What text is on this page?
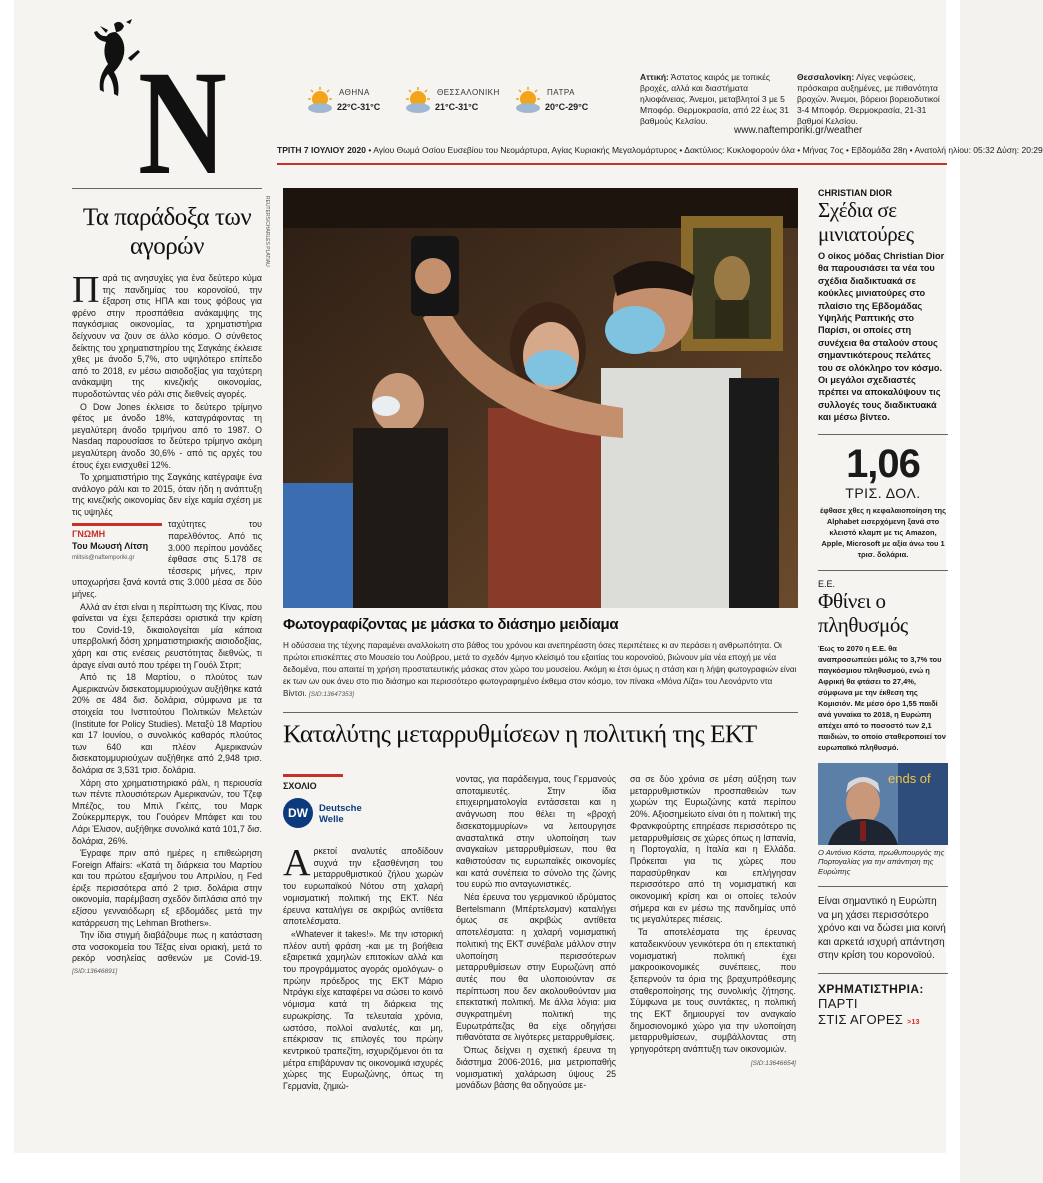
N	ΑΘΗΝΑ
22°C-31°C
ΘΕΣΣΑΛΟΝΙΚΗ
21°C-31°C
ΠΑΤΡΑ
20°C-29°C
Αττική: Άστατος καιρός με τοπικές βροχές, αλλά και διαστήματα ηλιοφάνειας. Άνεμοι, μεταβλητοί 3 με 5 Μποφόρ. Θερμοκρασία, από 22 έως 31 βαθμούς Κελσίου.
Θεσσαλονίκη: Λίγες νεφώσεις, πρόσκαιρα αυξημένες, με πιθανότητα βροχών. Άνεμοι, βόρειοι βορειοδυτικοί 3-4 Μποφόρ. Θερμοκρασία, 21-31 βαθμοί Κελσίου.
www.naftemporiki.gr/weather
ΤΡΙΤΗ 7 ΙΟΥΛΙΟΥ 2020 • Αγίου Θ​ω​μ​ά Οσίου Ευσεβίου του Νεομάρτυρα, Αγίας Κυριακής Μεγαλομάρτυρος • Δακτύλιος: Κυκλοφορούν όλα • Μήνας 7ος • Εβδομάδα 28η • Ανατολή ηλίου: 05:32 Δύση: 20:29
Τα παράδοξα των αγορών

Παρά τις ανησυχίες για ένα δεύτερο κύμα της πανδημίας του κορονοϊού, την έξαρση στις ΗΠΑ και τους φόβους για φρένο στην προσπάθεια ανάκαμψης της παγκόσμιας οικονομίας, τα χρηματιστήρια δείχνουν να ζουν σε άλλο κόσμο. Ο σύνθετος δείκτης του χρηματιστηρίου της Σαγκάης έκλεισε χθες με άνοδο 5,7%, στο υψηλότερο επίπεδο από το 2018, εν μέσω αισιοδοξίας για ταχύτερη ανάκαμψη της κινεζικής οικονομίας, πυροδοτώντας νέο ράλι στις διεθνείς αγορές.

Ο Dow Jones έκλεισε το δεύτερο τρίμηνο φέτος με άνοδο 18%, καταγράφοντας τη μεγαλύτερη άνοδο τριμήνου από το 1987. Ο Nasdaq παρουσίασε το δεύτερο τρίμηνο ακόμη μεγαλύτερη άνοδο 30,6% - από τις αρχές του έτους έχει ενισχυθεί 12%.

Το χρηματιστήριο της Σαγκάης κατέγραψε ένα ανάλογο ράλι και το 2015, όταν ήδη η ανάπτυξη της κινεζικής οικονομίας δεν είχε καμία σχέση με τις υψηλές

ΓΝΩΜΗ
Του Μωυσή Λίτση
mlitsis@naftemporiki.gr

ταχύτητες του παρελθόντος. Από τις 3.000 περίπου μονάδες έφθασε στις 5.178 σε τέσσερις μήνες, πριν υποχωρήσει ξανά κοντά στις 3.000 μέσα σε δύο μήνες.

Αλλά αν έτσι είναι η περίπτωση της Κίνας, που φαίνεται να έχει ξεπεράσει οριστικά την κρίση του Covid-19, δικαιολογείται μία κάποια υπερβολική δόση χρηματιστηριακής αισιοδοξίας, χάρη και στις ενέσεις ρευστότητας διεθνώς, τι άραγε είναι αυτό που τρέφει τη Γουόλ Στριτ;

Από τις 18 Μαρτίου, ο πλούτος των Αμερικανών δισεκατομμυριούχων αυξήθηκε κατά 20% σε 484 δισ. δολάρια, σύμφωνα με τα στοιχεία του Ινστιτούτου Πολιτικών Μελετών (Institute for Policy Studies). Μεταξύ 18 Μαρτίου και 17 Ιουνίου, ο συνολικός καθαρός πλούτος των 640 και πλέον Αμερικανών δισεκατομμυριούχων αυξήθηκε από 2,948 τρισ. δολάρια σε 3,531 τρισ. δολάρια.

Χάρη στο χρηματιστηριακό ράλι, η περιουσία των πέντε πλουσιότερων Αμερικανών, του Τζεφ Μπέζος, του Μπιλ Γκέιτς, του Μαρκ Ζούκερμπεργκ, του Γουόρεν Μπάφετ και του Λάρι Έλισον, αυξήθηκε συνολικά κατά 101,7 δισ. δολάρια, 26%.

Έγραφε πριν από ημέρες η επιθεώρηση Foreign Affairs: «Κατά τη διάρκεια του Μαρτίου και του πρώτου εξαμήνου του Απριλίου, η Fed έριξε περισσότερα από 2 τρισ. δολάρια στην οικονομία, παρέμβαση σχεδόν διπλάσια από την εξίσου γενναιόδωρη εξ εβδομάδες μετά την κατάρρευση της Lehman Brothers».

Την ίδια στιγμή διαβάζουμε πως η κατάσταση στα νοσοκομεία του Τέξας είναι οριακή, μετά το ρεκόρ νοσηλείας ασθενών με Covid-19. [SID:13646891]

REUTERS/CHARLES PLATIAU
Φωτογραφίζοντας με μάσκα το διάσημο μειδίαμα
Η οδύσσεια της τέχνης παραμένει αναλλοίωτη στο βάθος του χρόνου και ανεπηρέαστη όσες περιπέτειες κι αν περάσει η ανθρωπότητα. Οι πρώτοι επισκέπτες στο Μουσείο του Λούβρου, μετά το σχεδόν 4μηνο κλείσιμό του εξαιτίας του κορονοϊού, βιώνουν μία νέα εποχή με νέα δεδομένα, που απαιτεί τη χρήση προστατευτικής μάσκας στον χώρο του μουσείου. Ακόμη κι έτσι όμως η στάση και η λήψη φωτογραφιών είναι εκ των ων ουκ άνευ στο πιο διάσημο και περισσότερο φωτογραφημένο έκθεμα στον κόσμο, τον πίνακα «Μόνα Λίζα» του Λεονάρντο ντα Βίντσι. [SID:13647353]
Καταλύτης μεταρρυθμίσεων η πολιτική της ΕΚΤ
ΣΧΟΛΙΟ
DW	Deutsche
Welle

Αρκετοί αναλυτές αποδίδουν συχνά την εξασθένηση του μεταρρυθμιστικού ζήλου χωρών του ευρωπαϊκού Νότου στη χαλαρή νομισματική πολιτική της ΕΚΤ. Νέα έρευνα καταλήγει σε ακριβώς αντίθετα αποτελέσματα.

«Whatever it takes!». Με την ιστορική πλέον αυτή φράση -και με τη βοήθεια εξαιρετικά χαμηλών επιτοκίων αλλά και του προγράμματος αγοράς ομολόγων- ο πρώην πρόεδρος της ΕΚΤ Μάριο Ντράγκι είχε καταφέρει να σώσει το κοινό νόμισμα κατά τη διάρκεια της ευρωκρίσης. Τα τελευταία χρόνια, ωστόσο, πολλοί αναλυτές, και μη, επέκρισαν τις επιλογές του πρώην κεντρικού τραπεζίτη, ισχυριζόμενοι ότι τα μέτρα επιβάρυναν τις οικονομικά ισχυρές χώρες της Ευρωζώνης, όπως τη Γερμανία, ζημιώ-

νοντας, για παράδειγμα, τους Γερμανούς αποταμιευτές. Στην ίδια επιχειρηματολογία εντάσσεται και η ανάγνωση που θέλει τη «βροχή δισεκατομμυρίων» να λειτουργησε ανασταλτικά στην υλοποίηση των αναγκαίων μεταρρυθμίσεων, που θα καθιστούσαν τις ευρωπαϊκές οικονομίες και κατά συνέπεια το σύνολο της ζώνης του ευρώ πιο ανταγωνιστικές.

Νέα έρευνα του γερμανικού ιδρύματος Bertelsmann (Μπέρτελσμαν) καταλήγει όμως σε ακριβώς αντίθετα αποτελέσματα: η χαλαρή νομισματική πολιτική της ΕΚΤ συνέβαλε μάλλον στην υλοποίηση περισσότερων μεταρρυθμίσεων στην Ευρωζώνη από αυτές που θα υλοποιούνταν σε περίπτωση που δεν ακολουθούνταν μια επεκτατική πολιτική. Με άλλα λόγια: μια συγκρατημένη πολιτική της Ευρωτράπεζας θα είχε οδηγήσει πιθανότατα σε λιγότερες μεταρρυθμίσεις.

Όπως δείχνει η σχετική έρευνα τη διάστημα 2006-2016, μια μετριοπαθής νομισματική χαλάρωση ύψους 25 μονάδων βάσης θα οδηγούσε με-

σα σε δύο χρόνια σε μέση αύξηση των μεταρρυθμιστικών προσπαθειών των χωρών της Ευρωζώνης κατά περίπου 20%. Αξιοσημείωτο είναι ότι η πολιτική της Φρανκφούρτης επηρέασε περισσότερο τις μεταρρυθμίσεις σε χώρες όπως η Ισπανία, η Πορτογαλία, η Ιταλία και η Ελλάδα. Πρόκειται για τις χώρες που παρασύρθηκαν και επλήγησαν περισσότερο από τη νομισματική και οικονομική κρίση και οι οποίες τελούν σήμερα και εν μέσω της πανδημίας υπό τις μεγαλύτερες πιέσεις.

Τα αποτελέσματα της έρευνας καταδεικνύουν γενικότερα ότι η επεκτατική νομισματική πολιτική έχει μακροοικονομικές συνέπειες, που ξεπερνούν τα όρια της βραχυπρόθεσμης σταθεροποίησης της συνολικής ζήτησης. Σύμφωνα με τους συντάκτες, η πολιτική της ΕΚΤ δημιουργεί τον αναγκαίο δημοσιονομικό χώρο για την υλοποίηση μεταρρυθμίσεων, συμβάλλοντας στη γρηγορότερη ανάπτυξη των οικονομιών.

[SID:13646654]

CHRISTIAN DIOR
Σχέδια σε μινιατούρες
Ο οίκος μόδας Christian Dior θα παρουσιάσει τα νέα του σχέδια διαδικτυακά σε κούκλες μινιατούρες στο πλαίσιο της Εβδομάδας Υψηλής Ραπτικής στο Παρίσι, οι οποίες στη συνέχεια θα σταλούν στους σημαντικότερους πελάτες του σε ολόκληρο τον κόσμο. Οι μεγάλοι σχεδιαστές πρέπει να αποκαλύψουν τις συλλογές τους διαδικτυακά και μέσω βίντεο.
1,06
ΤΡΙΣ. ΔΟΛ.
έφθασε χθες η κεφαλαιοποίηση της Alphabet εισερχόμενη ξανά στο κλειστό κλαμπ με τις Amazon, Apple, Microsoft με αξία άνω του 1 τρισ. δολάρια.
Ε.Ε.
Φθίνει ο πληθυσμός
Έως το 2070 η Ε.Ε. θα αναπροσωπεύει μόλις το 3,7% του παγκόσμιου πληθυσμού, ενώ η Αφρική θα φτάσει το 27,4%, σύμφωνα με την έκθεση της Κομισιόν. Με μέσο όρο 1,55 παιδί ανά γυναίκα το 2018, η Ευρώπη απέχει από το ποσοστό των 2,1 παιδιών, το οποίο σταθεροποιεί τον ευρωπαϊκό πληθυσμό.
ends of
Ο Αντόνιο Κόστα, πρωθυπουργός της Πορτογαλίας για την απάντηση της Ευρώπης
Είναι σημαντικό η Ευρώπη να μη χάσει περισσότερο χρόνο και να δώσει μια κοινή και αρκετά ισχυρή απάντηση στην κρίση του κορονοϊού.
ΧΡΗΜΑΤΙΣΤΗΡΙΑ:
ΠΑΡΤΙ
ΣΤΙΣ ΑΓΟΡΕΣ >13
